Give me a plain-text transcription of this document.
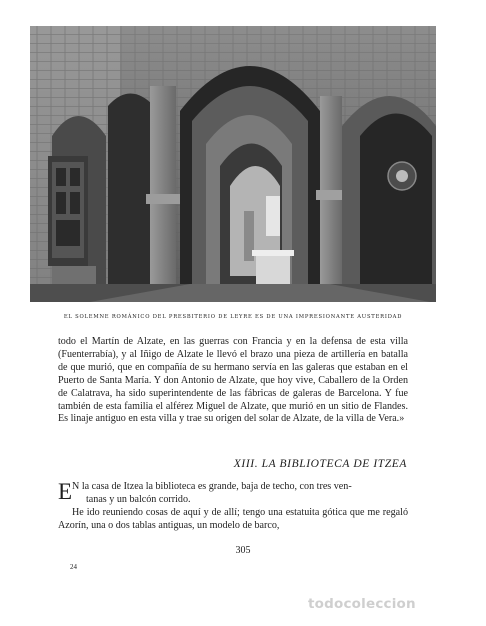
EL SOLEMNE ROMÁNICO DEL PRESBITERIO DE LEYRE ES DE UNA IMPRESIONANTE AUSTERIDAD

todo el Martín de Alzate, en las guerras con Francia y en la defensa de esta villa (Fuenterrabía), y al Iñigo de Alzate le llevó el brazo una pieza de artillería en batalla de que murió, que en compañía de su hermano servía en las galeras que estaban en el Puerto de Santa María. Y don Antonio de Alzate, que hoy vive, Caballero de la Orden de Calatrava, ha sido superintendente de las fábricas de galeras de Barcelona. Y fue también de esta familia el alférez Miguel de Alzate, que murió en un sitio de Flandes. Es linaje antiguo en esta villa y trae su origen del solar de Alzate, de la villa de Vera.»

XIII. LA BIBLIOTECA DE ITZEA
E N la casa de Itzea la biblioteca es grande, baja de techo, con tres ven-
tanas y un balcón corrido.
He ido reuniendo cosas de aquí y de allí; tengo una estatuita gótica que me regaló Azorín, una o dos tablas antiguas, un modelo de barco,
305
24
todocoleccion
